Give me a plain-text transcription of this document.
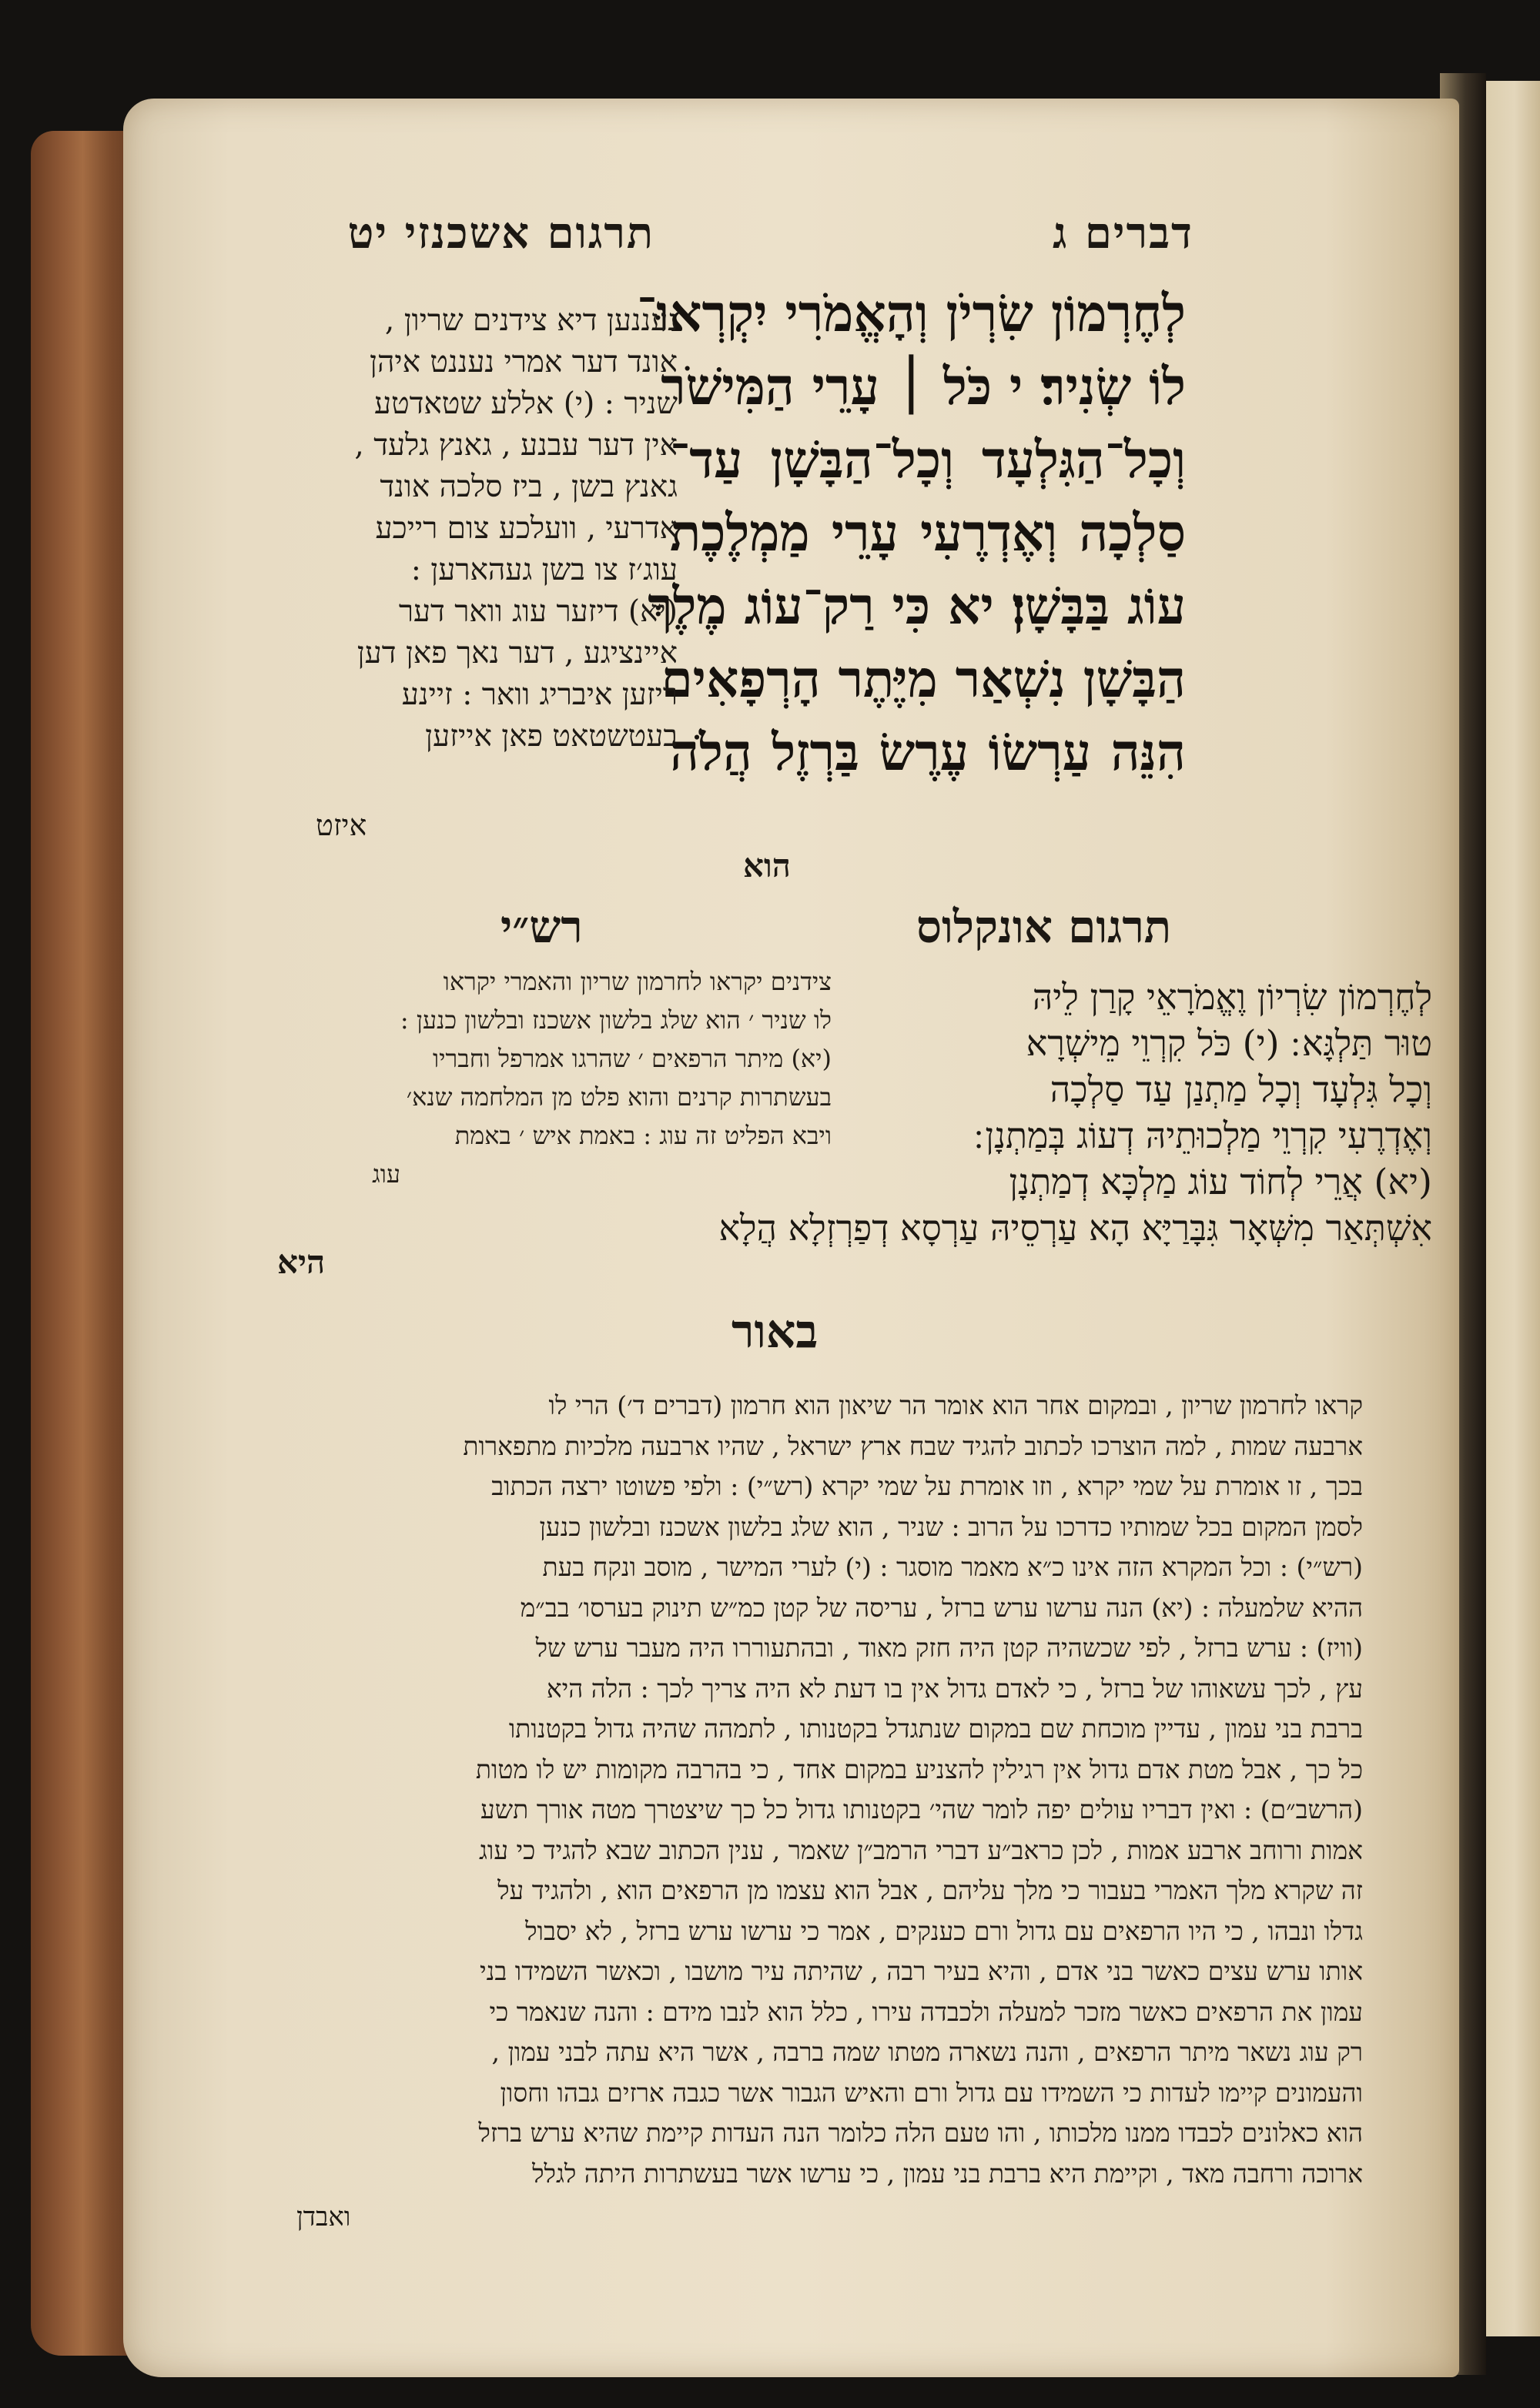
תרגום אשכנזי יט	דברים ג
לְחֶרְמוֹן שִׂרְיֹן וְהָאֱמֹרִי יִקְרְאוּ־
לוֹ שְׂנִיר׃ י כֹּל ׀ עָרֵי הַמִּישֹׁר
וְכָל־הַגִּלְעָד וְכָל־הַבָּשָׁן עַד־
סַלְכָה וְאֶדְרֶעִי עָרֵי מַמְלֶכֶת
עוֹג בַּבָּשָׁן׃ יא כִּי רַק־עוֹג מֶלֶךְ
הַבָּשָׁן נִשְׁאַר מִיֶּתֶר הָרְפָאִים
הִנֵּה עַרְשׂוֹ עֶרֶשׂ בַּרְזֶל הֲלֹה
הוא
נעננען דיא צידנים שריון ,
אונד דער אמרי נעננט איהן
שניר : (י) אללע שטאדטע
אין דער עבנע , גאנץ גלעד ,
גאנץ בשן , ביז סלכה אונד
אדרעי , וועלכע צום רייכע
עוג׳ז צו בשן געהארען :
(יא) דיזער עוג וואר דער
איינציגע , דער נאך פאן דען
ריזען איבריג וואר : זיינע
בעטשטאט פאן אייזען
איזט
תרגום אונקלוס
רש״י
לְחֶרְמוֹן שִׂרְיוֹן וֶאֱמֹרָאֵי קָרַן לֵיהּ
טוּר תַּלְגָּא ׃ (י) כֹּל קִרְוֵי מֵישְׁרָא
וְכָל גִּלְעָד וְכָל מַתְנַן עַד סַלְכָה
וְאֶדְרֶעִי קִרְוֵי מַלְכוּתֵיהּ דְעוֹג בְּמַתְנָן ׃
(יא) אֲרֵי לְחוֹד עוֹג מַלְכָּא דְמַתְנָן
אִשְׁתְּאַר מִשְּׁאָר גִּבָּרַיָּא הָא עַרְסֵיהּ עַרְסָא דְפַרְזְלָא הֲלָא
היא
צידנים יקראו לחרמון שריון והאמרי יקראו
לו שניר ׳ הוא שלג בלשון אשכנז ובלשון כנען :
(יא) מיתר הרפאים ׳ שהרגו אמרפל וחבריו
בעשתרות קרנים והוא פלט מן המלחמה שנא׳
ויבא הפליט זה עוג : באמת איש ׳ באמת
עוג
באור
קראו לחרמון שריון , ובמקום אחר הוא אומר הר שיאון הוא חרמון (דברים ד׳) הרי לו
ארבעה שמות , למה הוצרכו לכתוב להגיד שבח ארץ ישראל , שהיו ארבעה מלכיות מתפארות
בכך , זו אומרת על שמי יקרא , וזו אומרת על שמי יקרא (רש״י) : ולפי פשוטו ירצה הכתוב
לסמן המקום בכל שמותיו כדרכו על הרוב : שניר , הוא שלג בלשון אשכנז ובלשון כנען
(רש״י) : וכל המקרא הזה אינו כ״א מאמר מוסגר : (י) לערי המישר , מוסב ונקח בעת
ההיא שלמעלה : (יא) הנה ערשו ערש ברזל , עריסה של קטן כמ״ש תינוק בערסו׳ בב״מ
(וויז) : ערש ברזל , לפי שכשהיה קטן היה חזק מאוד , ובהתעוררו היה מעבר ערש של
עץ , לכך עשאוהו של ברזל , כי לאדם גדול אין בו דעת לא היה צריך לכך : הלה היא
ברבת בני עמון , עדיין מוכחת שם במקום שנתגדל בקטנותו , לתמהה שהיה גדול בקטנותו
כל כך , אבל מטת אדם גדול אין רגילין להצניע במקום אחד , כי בהרבה מקומות יש לו מטות
(הרשב״ם) : ואין דבריו עולים יפה לומר שהי׳ בקטנותו גדול כל כך שיצטרך מטה אורך תשע
אמות ורוחב ארבע אמות , לכן כראב״ע דברי הרמב״ן שאמר , ענין הכתוב שבא להגיד כי עוג
זה שקרא מלך האמרי בעבור כי מלך עליהם , אבל הוא עצמו מן הרפאים הוא , ולהגיד על
גדלו ונבהו , כי היו הרפאים עם גדול ורם כענקים , אמר כי ערשו ערש ברזל , לא יסבול
אותו ערש עצים כאשר בני אדם , והיא בעיר רבה , שהיתה עיר מושבו , וכאשר השמידו בני
עמון את הרפאים כאשר מזכר למעלה ולכבדה עירו , כלל הוא לנבו מידם : והנה שנאמר כי
רק עוג נשאר מיתר הרפאים , והנה נשארה מטתו שמה ברבה , אשר היא עתה לבני עמון ,
והעמונים קיימו לעדות כי השמידו עם גדול ורם והאיש הגבור אשר כגבה ארזים גבהו וחסון
הוא כאלונים לכבדו ממנו מלכותו , והו טעם הלה כלומר הנה העדות קיימת שהיא ערש ברזל
ארוכה ורחבה מאד , וקיימת היא ברבת בני עמון , כי ערשו אשר בעשתרות היתה לגלל
ואבדן
